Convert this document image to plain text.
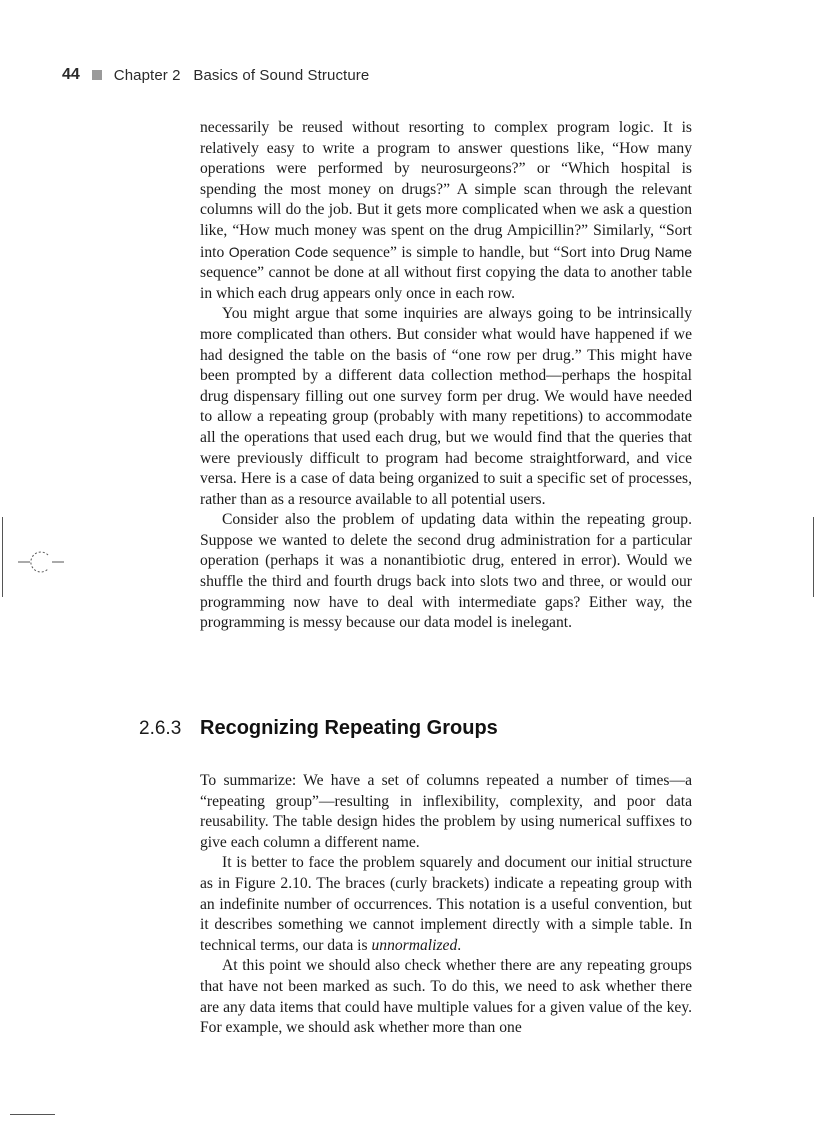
44 Chapter 2   Basics of Sound Structure

necessarily be reused without resorting to complex program logic. It is relatively easy to write a program to answer questions like, “How many operations were performed by neurosurgeons?” or “Which hospital is spending the most money on drugs?” A simple scan through the relevant columns will do the job. But it gets more complicated when we ask a question like, “How much money was spent on the drug Ampicillin?” Similarly, “Sort into Operation Code sequence” is simple to handle, but “Sort into Drug Name sequence” cannot be done at all without first copying the data to another table in which each drug appears only once in each row.

You might argue that some inquiries are always going to be intrinsically more complicated than others. But consider what would have happened if we had designed the table on the basis of “one row per drug.” This might have been prompted by a different data collection method—perhaps the hospital drug dispensary filling out one survey form per drug. We would have needed to allow a repeating group (probably with many repetitions) to accommodate all the operations that used each drug, but we would find that the queries that were previously difficult to program had become straightforward, and vice versa. Here is a case of data being organized to suit a specific set of processes, rather than as a resource available to all potential users.

Consider also the problem of updating data within the repeating group. Suppose we wanted to delete the second drug administration for a particular operation (perhaps it was a nonantibiotic drug, entered in error). Would we shuffle the third and fourth drugs back into slots two and three, or would our programming now have to deal with intermediate gaps? Either way, the programming is messy because our data model is inelegant.

2.6.3 Recognizing Repeating Groups

To summarize: We have a set of columns repeated a number of times—a “repeating group”—resulting in inflexibility, complexity, and poor data reusability. The table design hides the problem by using numerical suffixes to give each column a different name.

It is better to face the problem squarely and document our initial structure as in Figure 2.10. The braces (curly brackets) indicate a repeating group with an indefinite number of occurrences. This notation is a useful convention, but it describes something we cannot implement directly with a simple table. In technical terms, our data is unnormalized.

At this point we should also check whether there are any repeating groups that have not been marked as such. To do this, we need to ask whether there are any data items that could have multiple values for a given value of the key. For example, we should ask whether more than one
